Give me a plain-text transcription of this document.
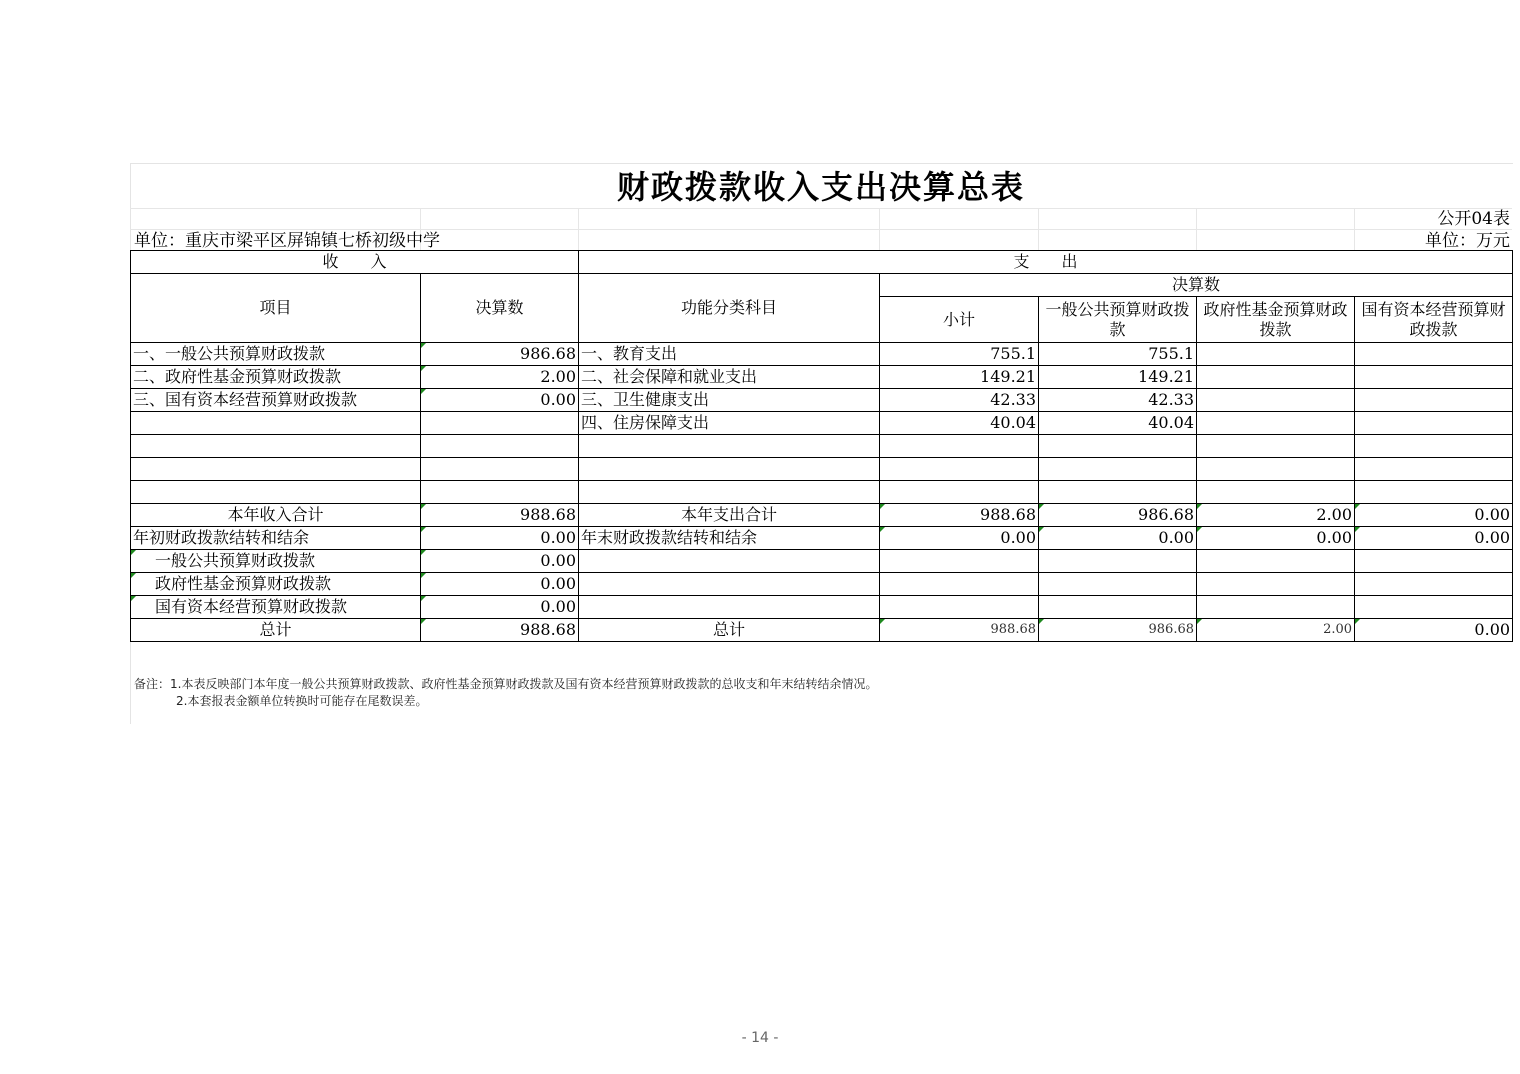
财政拨款收入支出决算总表
公开04表
单位：重庆市梁平区屏锦镇七桥初级中学	单位：万元
收　　入		支　　出				
项目	决算数	功能分类科目	决算数			
			小计	一般公共预算财政拨款	政府性基金预算财政拨款	国有资本经营预算财政拨款
一、一般公共预算财政拨款	986.68	一、教育支出	755.1	755.1		
二、政府性基金预算财政拨款	2.00	二、社会保障和就业支出	149.21	149.21		
三、国有资本经营预算财政拨款	0.00	三、卫生健康支出	42.33	42.33		
		四、住房保障支出	40.04	40.04		

本年收入合计	988.68	本年支出合计	988.68	986.68	2.00	0.00
年初财政拨款结转和结余	0.00	年末财政拨款结转和结余	0.00	0.00	0.00	0.00
一般公共预算财政拨款	0.00					
政府性基金预算财政拨款	0.00					
国有资本经营预算财政拨款	0.00					
总计	988.68	总计	988.68	986.68	2.00	0.00
备注：1.本表反映部门本年度一般公共预算财政拨款、政府性基金预算财政拨款及国有资本经营预算财政拨款的总收支和年末结转结余情况。
2.本套报表金额单位转换时可能存在尾数误差。
- 14 -
